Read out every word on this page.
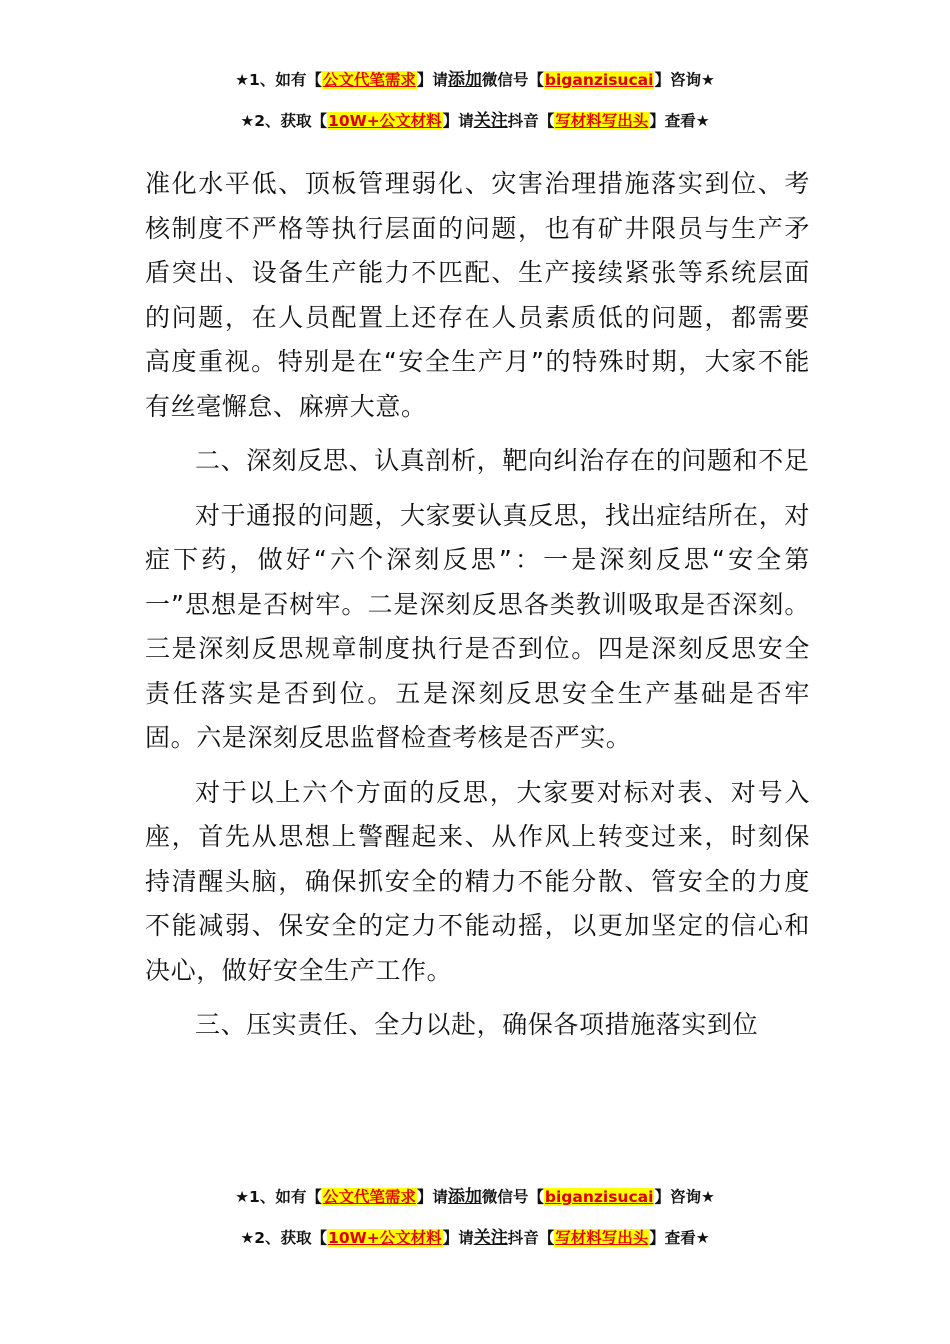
★1、如有【公文代笔需求】请添加微信号【biganzisucai】咨询★
★2、获取【10W+公文材料】请关注抖音【写材料写出头】查看★

准化水平低、顶板管理弱化、灾害治理措施落实到位、考核制度不严格等执行层面的问题，也有矿井限员与生产矛盾突出、设备生产能力不匹配、生产接续紧张等系统层面的问题，在人员配置上还存在人员素质低的问题，都需要高度重视。特别是在“安全生产月”的特殊时期，大家不能有丝毫懈怠、麻痹大意。

二、深刻反思、认真剖析，靶向纠治存在的问题和不足

对于通报的问题，大家要认真反思，找出症结所在，对症下药，做好“六个深刻反思”：一是深刻反思“安全第一”思想是否树牢。二是深刻反思各类教训吸取是否深刻。三是深刻反思规章制度执行是否到位。四是深刻反思安全责任落实是否到位。五是深刻反思安全生产基础是否牢固。六是深刻反思监督检查考核是否严实。

对于以上六个方面的反思，大家要对标对表、对号入座，首先从思想上警醒起来、从作风上转变过来，时刻保持清醒头脑，确保抓安全的精力不能分散、管安全的力度不能减弱、保安全的定力不能动摇，以更加坚定的信心和决心，做好安全生产工作。

三、压实责任、全力以赴，确保各项措施落实到位

★1、如有【公文代笔需求】请添加微信号【biganzisucai】咨询★
★2、获取【10W+公文材料】请关注抖音【写材料写出头】查看★
